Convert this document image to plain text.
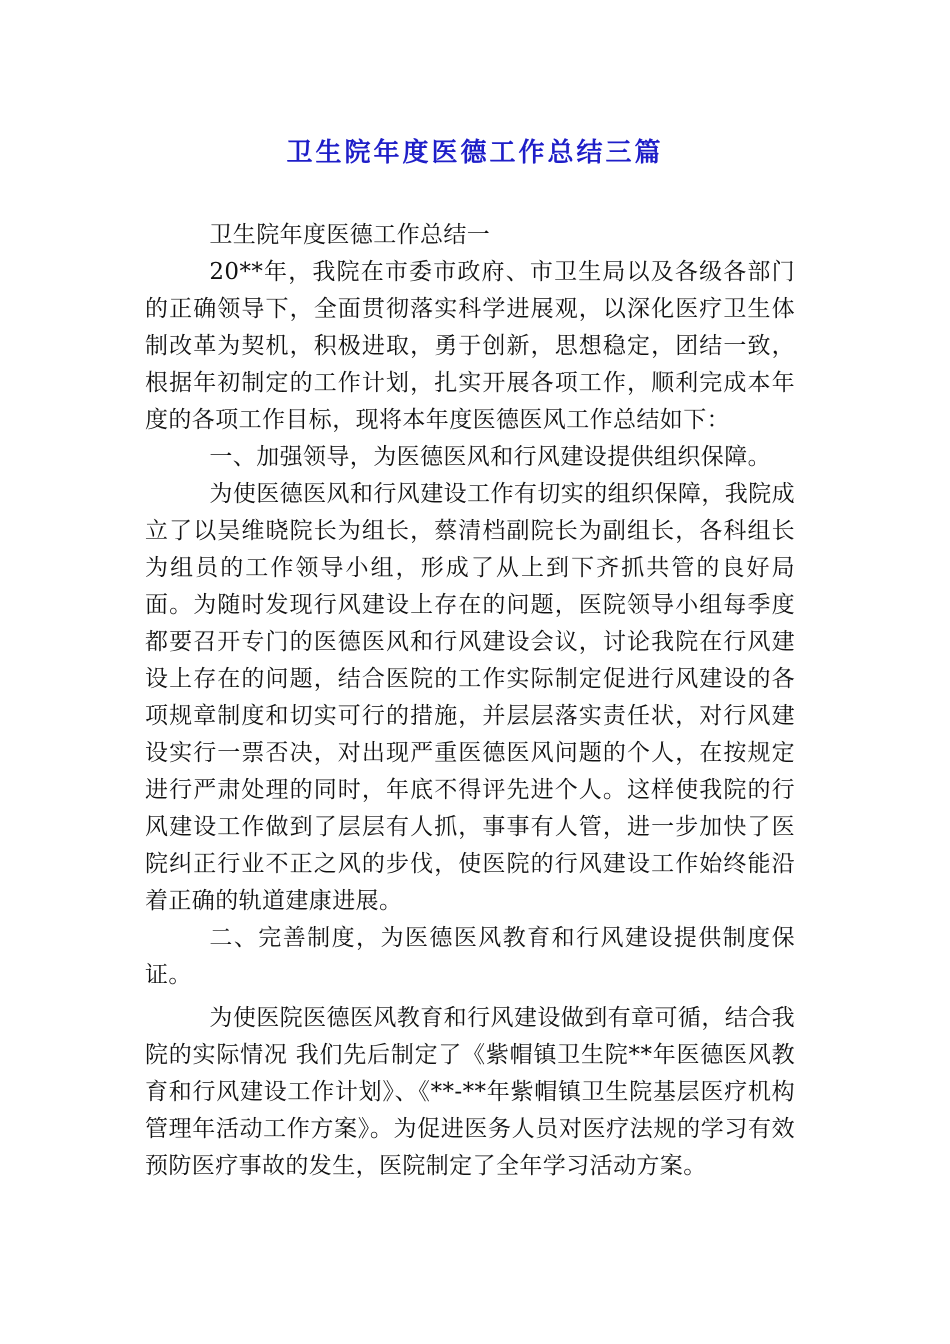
卫生院年度医德工作总结三篇

卫生院年度医德工作总结一

20**年，我院在市委市政府、市卫生局以及各级各部门的正确领导下，全面贯彻落实科学进展观，以深化医疗卫生体制改革为契机，积极进取，勇于创新，思想稳定，团结一致，根据年初制定的工作计划，扎实开展各项工作，顺利完成本年度的各项工作目标，现将本年度医德医风工作总结如下：

一、加强领导，为医德医风和行风建设提供组织保障。

为使医德医风和行风建设工作有切实的组织保障，我院成立了以吴维晓院长为组长，蔡清档副院长为副组长，各科组长为组员的工作领导小组，形成了从上到下齐抓共管的良好局面。为随时发现行风建设上存在的问题，医院领导小组每季度都要召开专门的医德医风和行风建设会议，讨论我院在行风建设上存在的问题，结合医院的工作实际制定促进行风建设的各项规章制度和切实可行的措施，并层层落实责任状，对行风建设实行一票否决，对出现严重医德医风问题的个人，在按规定进行严肃处理的同时，年底不得评先进个人。这样使我院的行风建设工作做到了层层有人抓，事事有人管，进一步加快了医院纠正行业不正之风的步伐，使医院的行风建设工作始终能沿着正确的轨道建康进展。

二、完善制度，为医德医风教育和行风建设提供制度保证。

为使医院医德医风教育和行风建设做到有章可循，结合我院的实际情况 我们先后制定了《紫帽镇卫生院**年医德医风教育和行风建设工作计划》、《**-**年紫帽镇卫生院基层医疗机构管理年活动工作方案》。为促进医务人员对医疗法规的学习有效预防医疗事故的发生，医院制定了全年学习活动方案。
